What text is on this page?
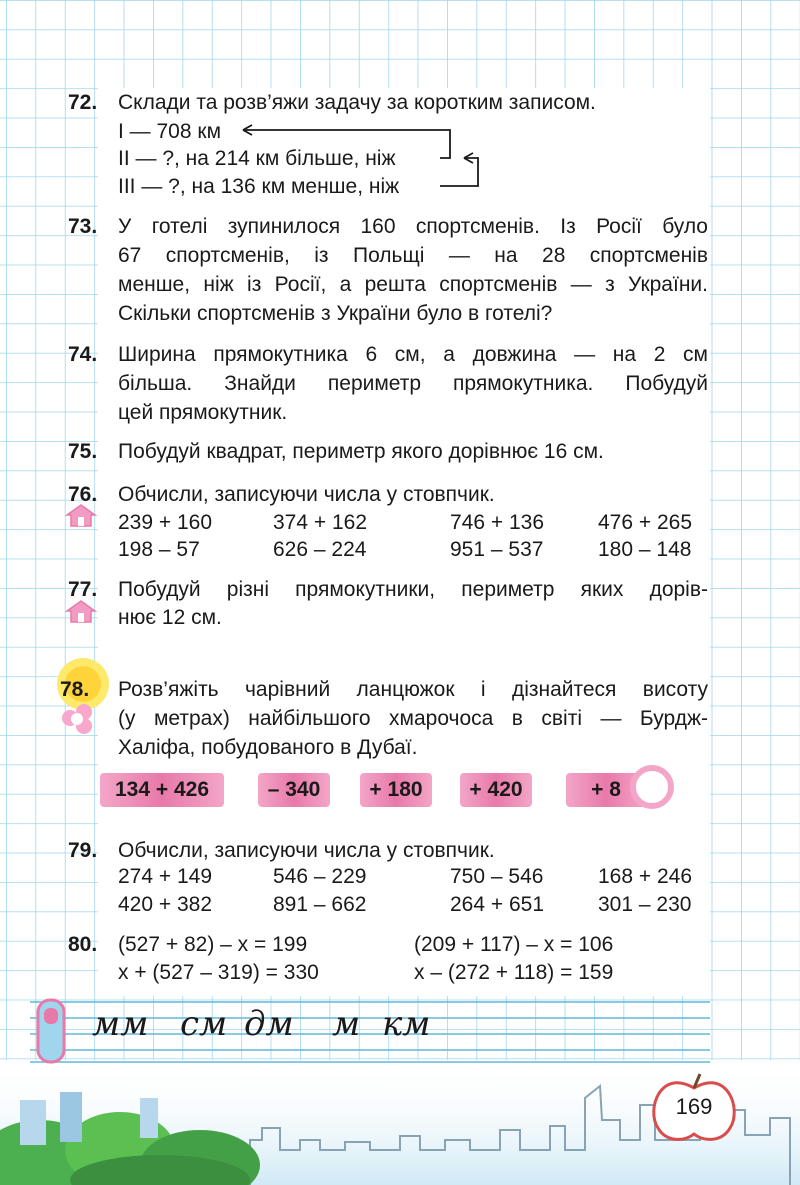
72. Склади та розв’яжи задачу за коротким записом.
I — 708 км
II — ?, на 214 км більше, ніж
III — ?, на 136 км менше, ніж
73. У готелі зупинилося 160 спортсменів. Із Росії було
67 спортсменів, із Польщі — на 28 спортсменів
менше, ніж із Росії, а решта спортсменів — з України.
Скільки спортсменів з України було в готелі?
74. Ширина прямокутника 6 см, а довжина — на 2 см
більша. Знайди периметр прямокутника. Побудуй
цей прямокутник.
75. Побудуй квадрат, периметр якого дорівнює 16 см.
76. Обчисли, записуючи числа у стовпчик.
239 + 160	374 + 162	746 + 136	476 + 265
198 – 57	626 – 224	951 – 537	180 – 148
77. Побудуй різні прямокутники, периметр яких дорів-
нює 12 см.
78. Розв’яжіть чарівний ланцюжок і дізнайтеся висоту
(у метрах) найбільшого хмарочоса в світі — Бурдж-
Халіфа, побудованого в Дубаї.
134 + 426	– 340	+ 180	+ 420	+ 8
79. Обчисли, записуючи числа у стовпчик.
274 + 149	546 – 229	750 – 546	168 + 246
420 + 382	891 – 662	264 + 651	301 – 230
80. (527 + 82) – x = 199	(209 + 117) – x = 106
x + (527 – 319) = 330	x – (272 + 118) = 159
мм см дм м км
169
